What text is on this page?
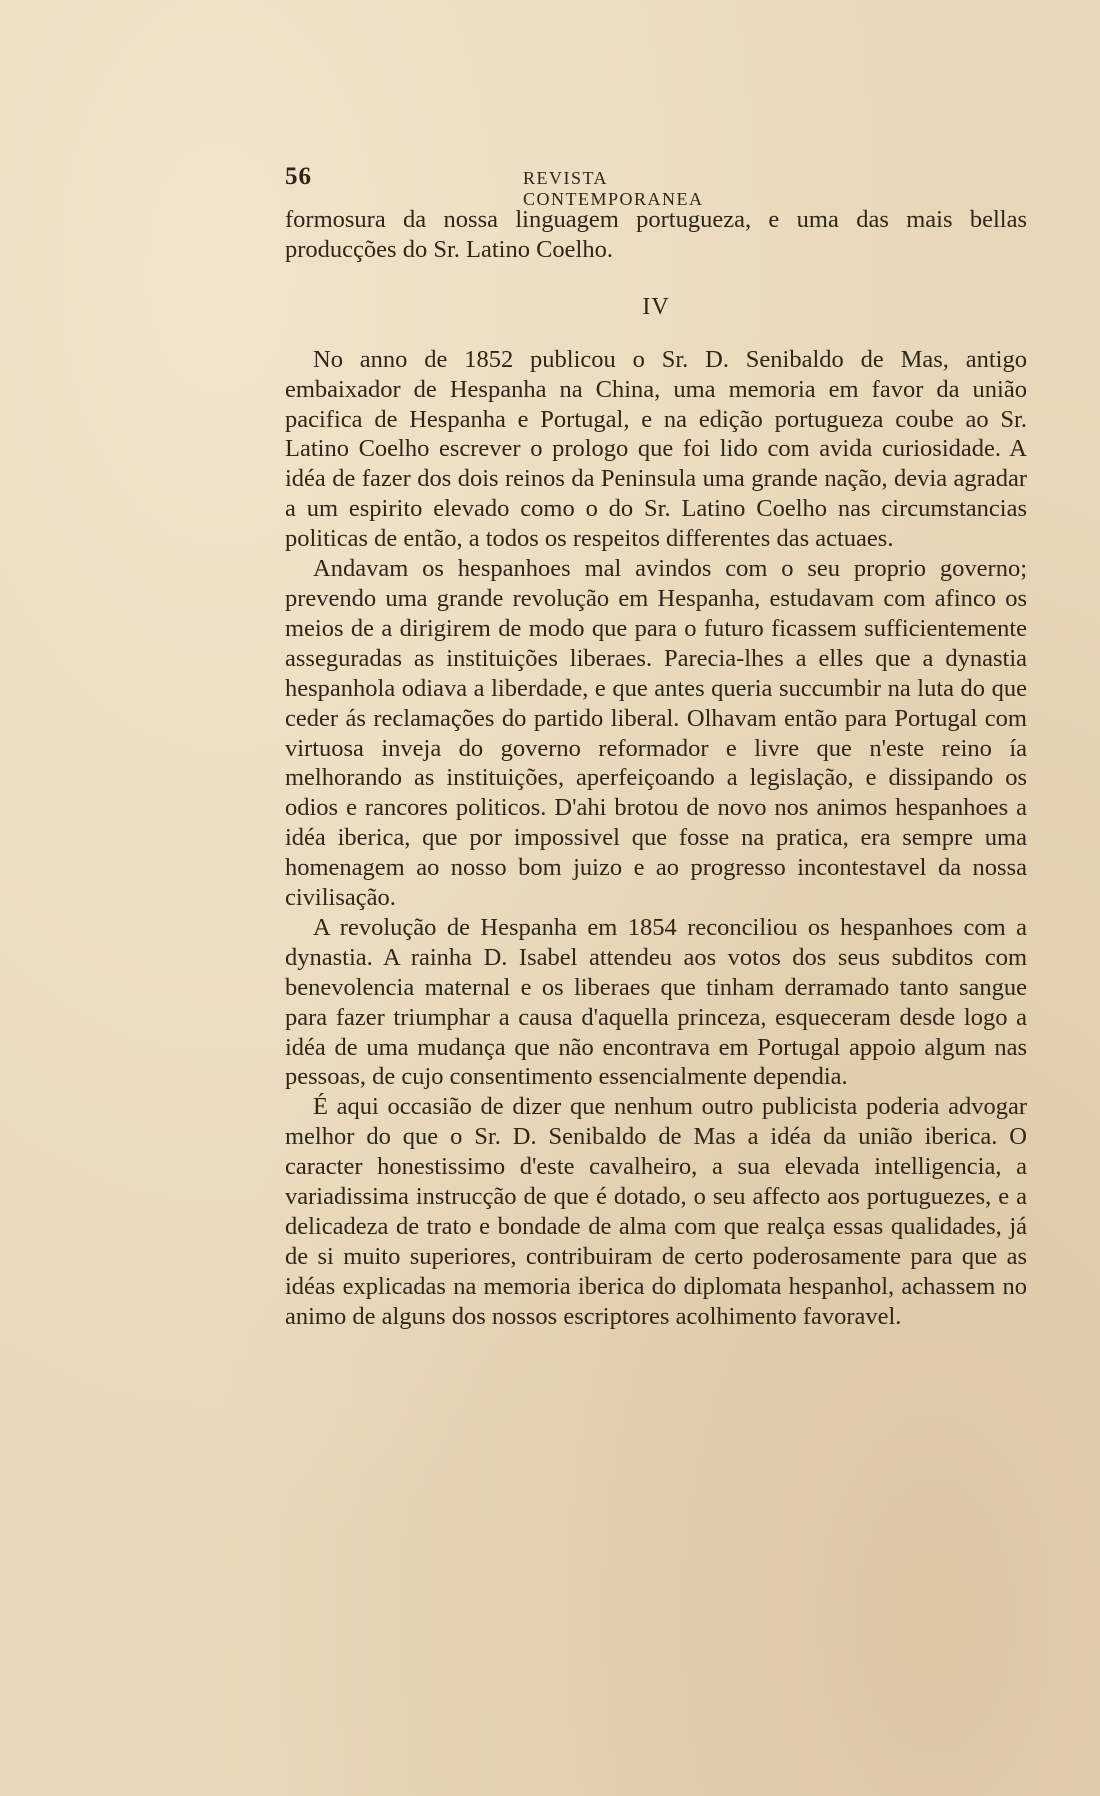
56	REVISTA CONTEMPORANEA

formosura da nossa linguagem portugueza, e uma das mais bellas producções do Sr. Latino Coelho.

IV

No anno de 1852 publicou o Sr. D. Senibaldo de Mas, antigo embaixador de Hespanha na China, uma memoria em favor da união pacifica de Hespanha e Portugal, e na edição portugueza coube ao Sr. Latino Coelho escrever o prologo que foi lido com avida curiosidade. A idéa de fazer dos dois reinos da Peninsula uma grande nação, devia agradar a um espirito elevado como o do Sr. Latino Coelho nas circumstancias politicas de então, a todos os respeitos differentes das actuaes.

Andavam os hespanhoes mal avindos com o seu proprio governo; prevendo uma grande revolução em Hespanha, estudavam com afinco os meios de a dirigirem de modo que para o futuro ficassem sufficientemente asseguradas as instituições liberaes. Parecia-lhes a elles que a dynastia hespanhola odiava a liberdade, e que antes queria succumbir na luta do que ceder ás reclamações do partido liberal. Olhavam então para Portugal com virtuosa inveja do governo reformador e livre que n'este reino ía melhorando as instituições, aperfeiçoando a legislação, e dissipando os odios e rancores politicos. D'ahi brotou de novo nos animos hespanhoes a idéa iberica, que por impossivel que fosse na pratica, era sempre uma homenagem ao nosso bom juizo e ao progresso incontestavel da nossa civilisação.

A revolução de Hespanha em 1854 reconciliou os hespanhoes com a dynastia. A rainha D. Isabel attendeu aos votos dos seus subditos com benevolencia maternal e os liberaes que tinham derramado tanto sangue para fazer triumphar a causa d'aquella princeza, esqueceram desde logo a idéa de uma mudança que não encontrava em Portugal appoio algum nas pessoas, de cujo consentimento essencialmente dependia.

É aqui occasião de dizer que nenhum outro publicista poderia advogar melhor do que o Sr. D. Senibaldo de Mas a idéa da união iberica. O caracter honestissimo d'este cavalheiro, a sua elevada intelligencia, a variadissima instrucção de que é dotado, o seu affecto aos portuguezes, e a delicadeza de trato e bondade de alma com que realça essas qualidades, já de si muito superiores, contribuiram de certo poderosamente para que as idéas explicadas na memoria iberica do diplomata hespanhol, achassem no animo de alguns dos nossos escriptores acolhimento favoravel.
